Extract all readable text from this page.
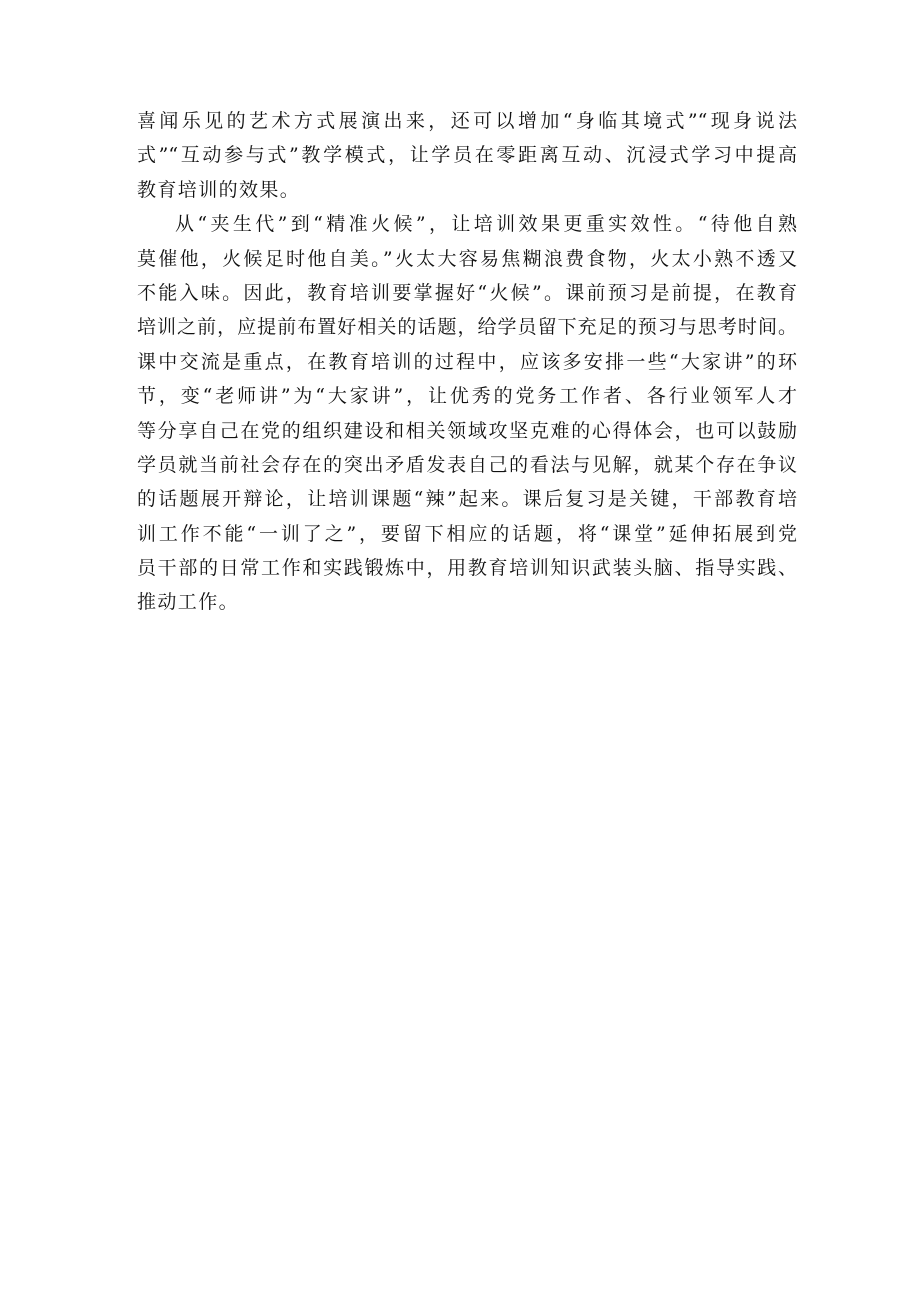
喜闻乐见的艺术方式展演出来，还可以增加“身临其境式”“现身说法
式”“互动参与式”教学模式，让学员在零距离互动、沉浸式学习中提高
教育培训的效果。
从“夹生代”到“精准火候”，让培训效果更重实效性。“待他自熟
莫催他，火候足时他自美。”火太大容易焦糊浪费食物，火太小熟不透又
不能入味。因此，教育培训要掌握好“火候”。课前预习是前提，在教育
培训之前，应提前布置好相关的话题，给学员留下充足的预习与思考时间。
课中交流是重点，在教育培训的过程中，应该多安排一些“大家讲”的环
节，变“老师讲”为“大家讲”，让优秀的党务工作者、各行业领军人才
等分享自己在党的组织建设和相关领域攻坚克难的心得体会，也可以鼓励
学员就当前社会存在的突出矛盾发表自己的看法与见解，就某个存在争议
的话题展开辩论，让培训课题“辣”起来。课后复习是关键，干部教育培
训工作不能“一训了之”，要留下相应的话题，将“课堂”延伸拓展到党
员干部的日常工作和实践锻炼中，用教育培训知识武装头脑、指导实践、
推动工作。
